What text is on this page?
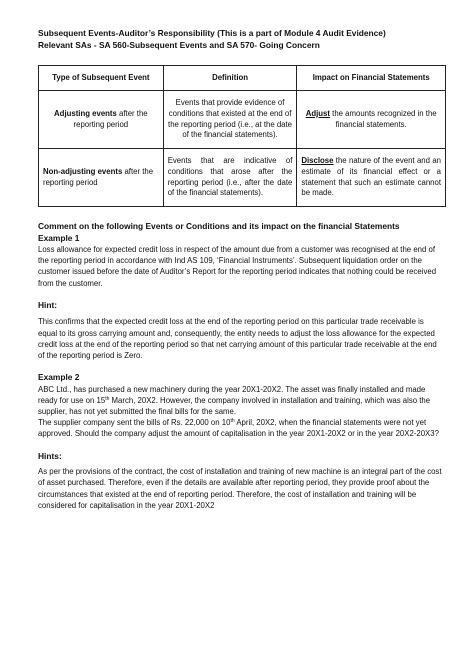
Subsequent Events-Auditor’s Responsibility (This is a part of Module 4 Audit Evidence)
Relevant SAs - SA 560-Subsequent Events and SA 570- Going Concern
Type of Subsequent Event	Definition	Impact on Financial Statements
Adjusting events after the reporting period	Events that provide evidence of conditions that existed at the end of the reporting period (i.e., at the date of the financial statements).	Adjust the amounts recognized in the financial statements.
Non-adjusting events after the reporting period	Events that are indicative of conditions that arose after the reporting period (i.e., after the date of the financial statements).	Disclose the nature of the event and an estimate of its financial effect or a statement that such an estimate cannot be made.
Comment on the following Events or Conditions and its impact on the financial Statements
Example 1
Loss allowance for expected credit loss in respect of the amount due from a customer was recognised at the end of the reporting period in accordance with Ind AS 109, ‘Financial Instruments’. Subsequent liquidation order on the customer issued before the date of Auditor’s Report for the reporting period indicates that nothing could be received from the customer.
Hint:
This confirms that the expected credit loss at the end of the reporting period on this particular trade receivable is equal to its gross carrying amount and, consequently, the entity needs to adjust the loss allowance for the expected credit loss at the end of the reporting period so that net carrying amount of this particular trade receivable at the end of the reporting period is Zero.
Example 2
ABC Ltd., has purchased a new machinery during the year 20X1-20X2. The asset was finally installed and made ready for use on 15th March, 20X2. However, the company involved in installation and training, which was also the supplier, has not yet submitted the final bills for the same.
The supplier company sent the bills of Rs. 22,000 on 10th April, 20X2, when the financial statements were not yet approved. Should the company adjust the amount of capitalisation in the year 20X1-20X2 or in the year 20X2-20X3?
Hints:
As per the provisions of the contract, the cost of installation and training of new machine is an integral part of the cost of asset purchased. Therefore, even if the details are available after reporting period, they provide proof about the circumstances that existed at the end of reporting period. Therefore, the cost of installation and training will be considered for capitalisation in the year 20X1-20X2
